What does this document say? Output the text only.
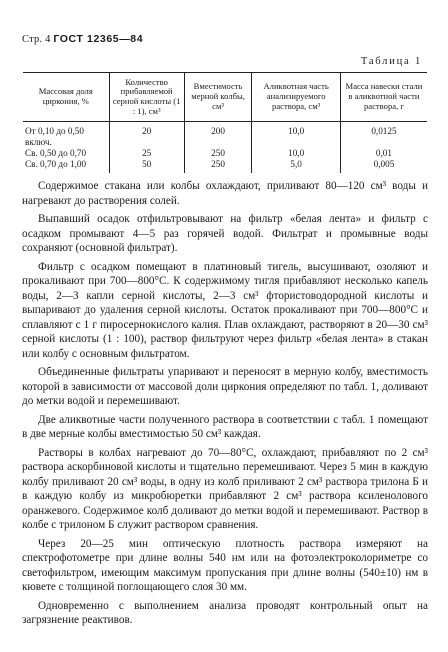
Стр. 4 ГОСТ 12365—84
Таблица 1
Массовая доля циркония, %	Количество прибавляемой серной кислоты (1 : 1), см³	Вместимость мерной колбы, см³	Аликвотная часть анализируемого раствора, см³	Масса навески стали в аликвотной части раствора, г
От 0,10 до 0,50 включ.	20	200	10,0	0,0125
Св. 0,50 до 0,70	25	250	10,0	0,01
Св. 0,70 до 1,00	50	250	5,0	0,005

Содержимое стакана или колбы охлаждают, приливают 80—120 см³ воды и нагревают до растворения солей.

Выпавший осадок отфильтровывают на фильтр «белая лента» и фильтр с осадком промывают 4—5 раз горячей водой. Фильтрат и промывные воды сохраняют (основной фильтрат).

Фильтр с осадком помещают в платиновый тигель, высушивают, озоляют и прокаливают при 700—800°С. К содержимому тигля прибавляют несколько капель воды, 2—3 капли серной кислоты, 2—3 см³ фтористоводородной кислоты и выпаривают до удаления серной кислоты. Остаток прокаливают при 700—800°С и сплавляют с 1 г пиросернокислого калия. Плав охлаждают, растворяют в 20—30 см³ серной кислоты (1 : 100), раствор фильтруют через фильтр «белая лента» в стакан или колбу с основным фильтратом.

Объединенные фильтраты упаривают и переносят в мерную колбу, вместимость которой в зависимости от массовой доли циркония определяют по табл. 1, доливают до метки водой и перемешивают.

Две аликвотные части полученного раствора в соответствии с табл. 1 помещают в две мерные колбы вместимостью 50 см³ каждая.

Растворы в колбах нагревают до 70—80°С, охлаждают, прибавляют по 2 см³ раствора аскорбиновой кислоты и тщательно перемешивают. Через 5 мин в каждую колбу приливают 20 см³ воды, в одну из колб приливают 2 см³ раствора трилона Б и в каждую колбу из микробюретки прибавляют 2 см³ раствора ксиленолового оранжевого. Содержимое колб доливают до метки водой и перемешивают. Раствор в колбе с трилоном Б служит раствором сравнения.

Через 20—25 мин оптическую плотность раствора измеряют на спектрофотометре при длине волны 540 нм или на фотоэлектроколориметре со светофильтром, имеющим максимум пропускания при длине волны (540±10) нм в кювете с толщиной поглощающего слоя 30 мм.

Одновременно с выполнением анализа проводят контрольный опыт на загрязнение реактивов.
